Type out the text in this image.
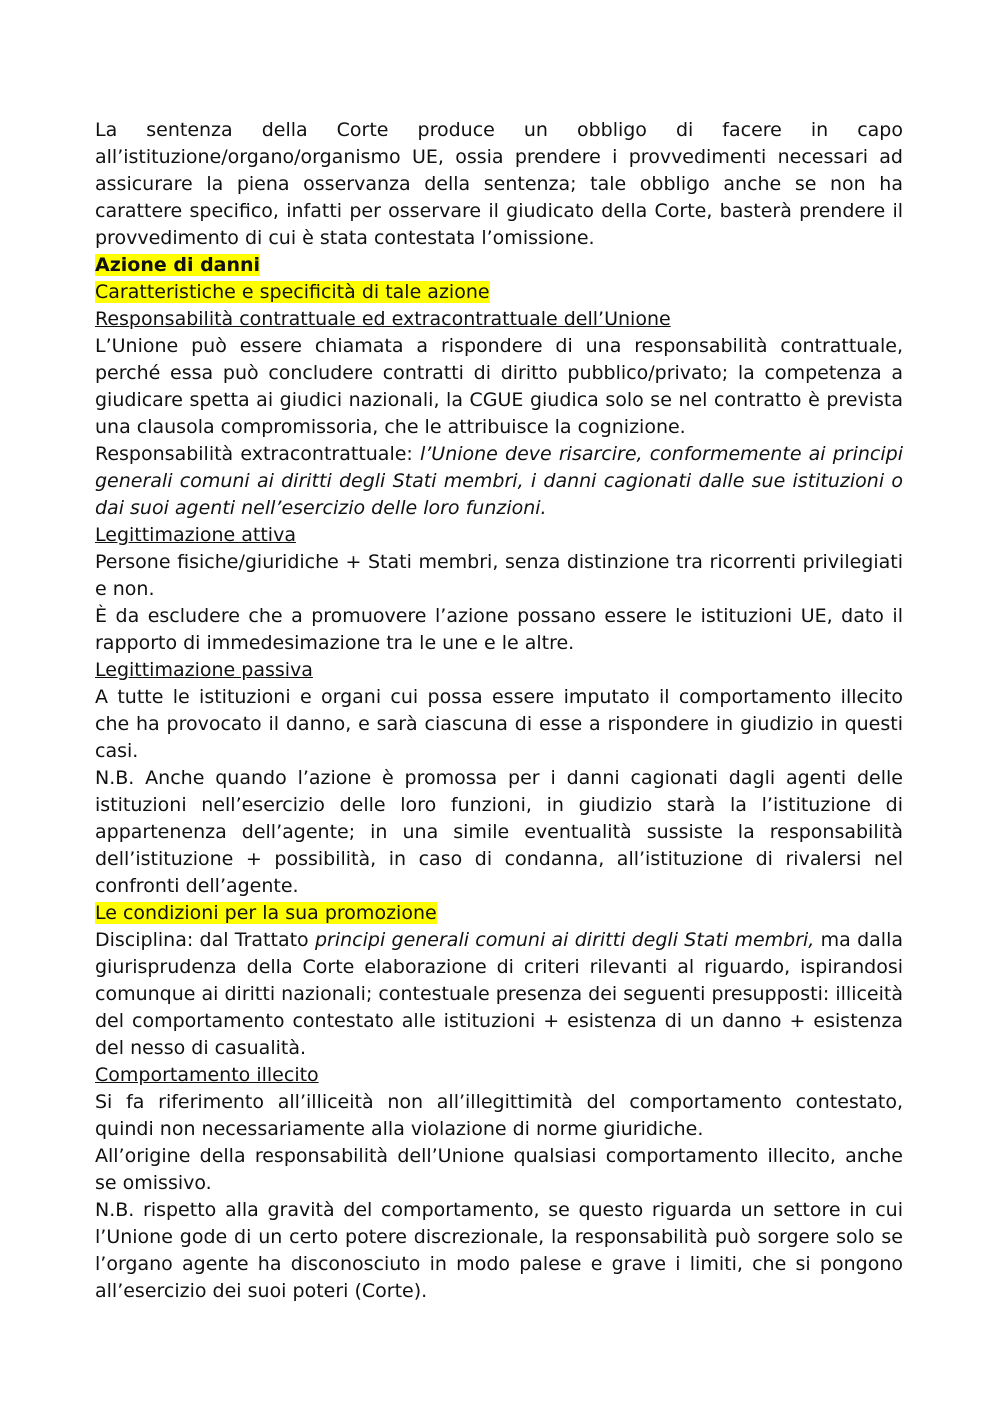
La sentenza della Corte produce un obbligo di facere in capo all’istituzione/organo/organismo UE, ossia prendere i provvedimenti necessari ad assicurare la piena osservanza della sentenza; tale obbligo anche se non ha carattere specifico, infatti per osservare il giudicato della Corte, basterà prendere il provvedimento di cui è stata contestata l’omissione.

Azione di danni

Caratteristiche e specificità di tale azione

Responsabilità contrattuale ed extracontrattuale dell’Unione

L’Unione può essere chiamata a rispondere di una responsabilità contrattuale, perché essa può concludere contratti di diritto pubblico/privato; la competenza a giudicare spetta ai giudici nazionali, la CGUE giudica solo se nel contratto è prevista una clausola compromissoria, che le attribuisce la cognizione.

Responsabilità extracontrattuale: l’Unione deve risarcire, conformemente ai principi generali comuni ai diritti degli Stati membri, i danni cagionati dalle sue istituzioni o dai suoi agenti nell’esercizio delle loro funzioni.

Legittimazione attiva

Persone fisiche/giuridiche + Stati membri, senza distinzione tra ricorrenti privilegiati e non.

È da escludere che a promuovere l’azione possano essere le istituzioni UE, dato il rapporto di immedesimazione tra le une e le altre.

Legittimazione passiva

A tutte le istituzioni e organi cui possa essere imputato il comportamento illecito che ha provocato il danno, e sarà ciascuna di esse a rispondere in giudizio in questi casi.

N.B. Anche quando l’azione è promossa per i danni cagionati dagli agenti delle istituzioni nell’esercizio delle loro funzioni, in giudizio starà la l’istituzione di appartenenza dell’agente; in una simile eventualità sussiste la responsabilità dell’istituzione + possibilità, in caso di condanna, all’istituzione di rivalersi nel confronti dell’agente.

Le condizioni per la sua promozione

Disciplina: dal Trattato principi generali comuni ai diritti degli Stati membri, ma dalla giurisprudenza della Corte elaborazione di criteri rilevanti al riguardo, ispirandosi comunque ai diritti nazionali; contestuale presenza dei seguenti presupposti: illiceità del comportamento contestato alle istituzioni + esistenza di un danno + esistenza del nesso di casualità.

Comportamento illecito

Si fa riferimento all’illiceità non all’illegittimità del comportamento contestato, quindi non necessariamente alla violazione di norme giuridiche.

All’origine della responsabilità dell’Unione qualsiasi comportamento illecito, anche se omissivo.

N.B. rispetto alla gravità del comportamento, se questo riguarda un settore in cui l’Unione gode di un certo potere discrezionale, la responsabilità può sorgere solo se l’organo agente ha disconosciuto in modo palese e grave i limiti, che si pongono all’esercizio dei suoi poteri (Corte).
